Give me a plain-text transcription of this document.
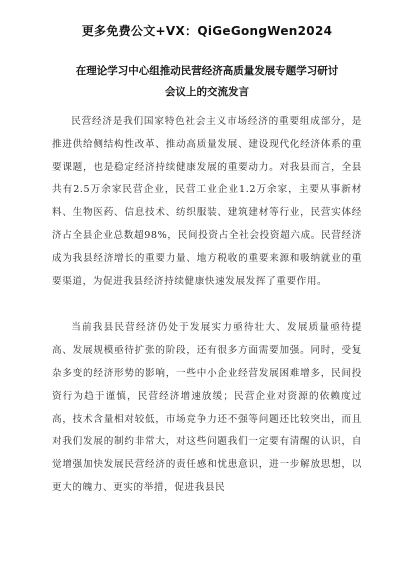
更多免费公文+VX：QiGeGongWen2024
在理论学习中心组推动民营经济高质量发展专题学习研讨
会议上的交流发言

民营经济是我们国家特色社会主义市场经济的重要组成部分，是推进供给侧结构性改革、推动高质量发展、建设现代化经济体系的重要课题，也是稳定经济持续健康发展的重要动力。对我县而言，全县共有2.5万余家民营企业，民营工业企业1.2万余家，主要从事新材料、生物医药、信息技术、纺织服装、建筑建材等行业，民营实体经济占全县企业总数超98%，民间投资占全社会投资超六成。民营经济成为我县经济增长的重要力量、地方税收的重要来源和吸纳就业的重要渠道，为促进我县经济持续健康快速发展发挥了重要作用。

当前我县民营经济仍处于发展实力亟待壮大、发展质量亟待提高、发展规模亟待扩张的阶段，还有很多方面需要加强。同时，受复杂多变的经济形势的影响，一些中小企业经营发展困难增多，民间投资行为趋于谨慎，民营经济增速放缓；民营企业对资源的依赖度过高，技术含量相对较低，市场竞争力还不强等问题还比较突出，而且对我们发展的制约非常大，对这些问题我们一定要有清醒的认识，自觉增强加快发展民营经济的责任感和忧患意识，进一步解放思想，以更大的魄力、更实的举措，促进我县民
